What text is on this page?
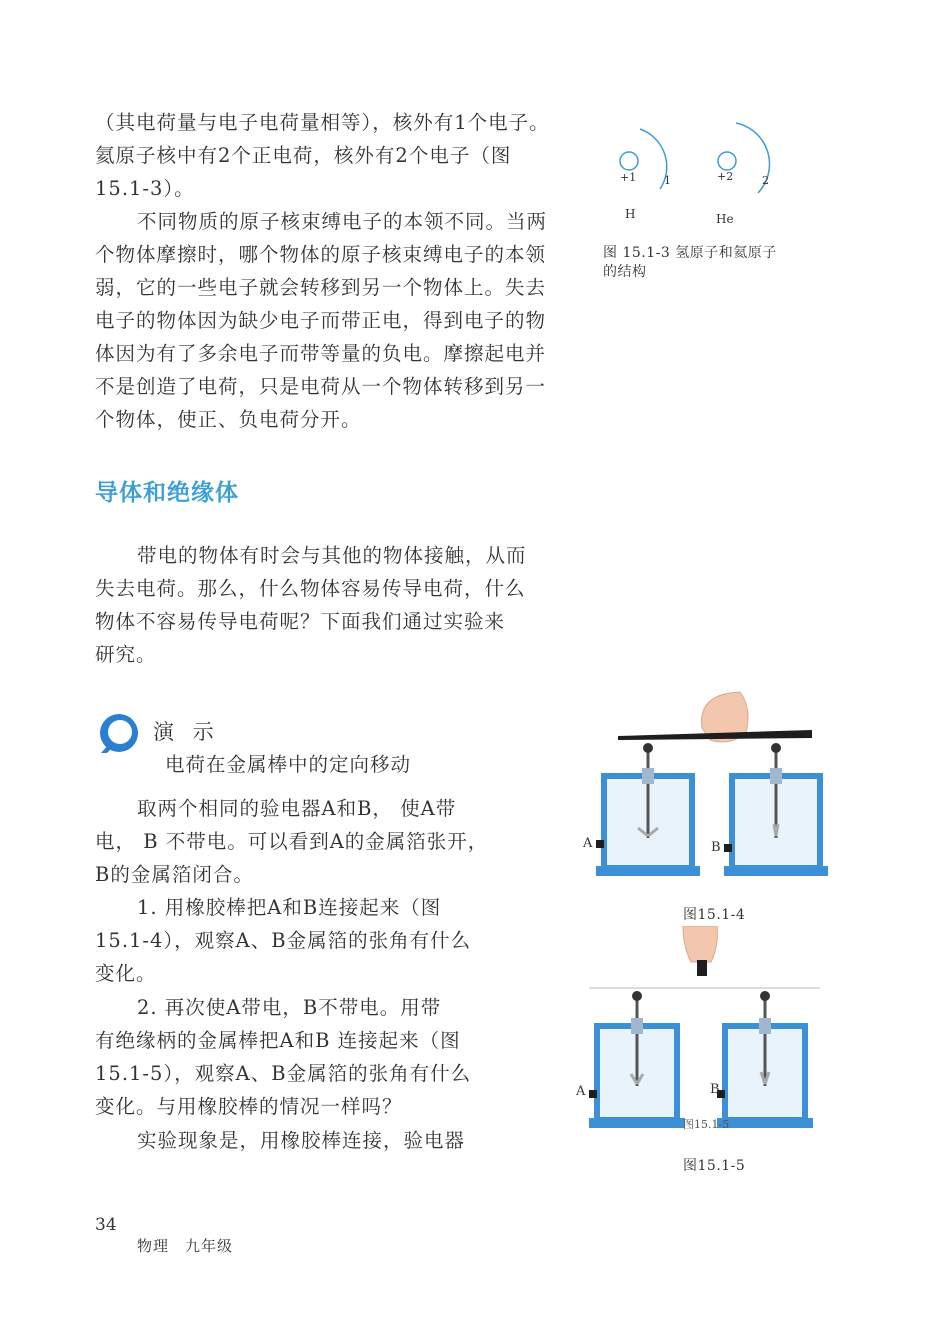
（其电荷量与电子电荷量相等），核外有1个电子。

氦原子核中有2个正电荷，核外有2个电子（图

15.1-3）。

不同物质的原子核束缚电子的本领不同。当两

个物体摩擦时，哪个物体的原子核束缚电子的本领

弱，它的一些电子就会转移到另一个物体上。失去

电子的物体因为缺少电子而带正电，得到电子的物

体因为有了多余电子而带等量的负电。摩擦起电并

不是创造了电荷，只是电荷从一个物体转移到另一

个物体，使正、负电荷分开。

导体和绝缘体

带电的物体有时会与其他的物体接触，从而

失去电荷。那么，什么物体容易传导电荷，什么

物体不容易传导电荷呢？下面我们通过实验来

研究。

+1	1
H
+2	2
He
图 15.1-3 氢原子和氦原子
的结构
演 示
电荷在金属棒中的定向移动

取两个相同的验电器A和B， 使A带

电， B 不带电。可以看到A的金属箔张开，

B的金属箔闭合。

1. 用橡胶棒把A和B连接起来（图

15.1-4），观察A、B金属箔的张角有什么

变化。

2. 再次使A带电，B不带电。用带

有绝缘柄的金属棒把A和B 连接起来（图

15.1-5），观察A、B金属箔的张角有什么

变化。与用橡胶棒的情况一样吗？

实验现象是，用橡胶棒连接，验电器

A	B
图15.1-4
A	B
图15.1-5
图15.1-5
34
物理 九年级
